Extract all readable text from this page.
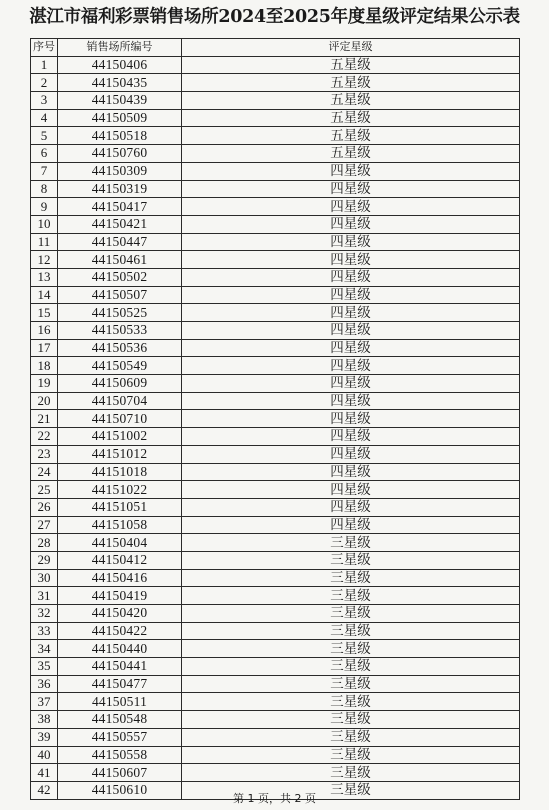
湛江市福利彩票销售场所2024至2025年度星级评定结果公示表
序号	销售场所编号	评定星级
1	44150406	五星级
2	44150435	五星级
3	44150439	五星级
4	44150509	五星级
5	44150518	五星级
6	44150760	五星级
7	44150309	四星级
8	44150319	四星级
9	44150417	四星级
10	44150421	四星级
11	44150447	四星级
12	44150461	四星级
13	44150502	四星级
14	44150507	四星级
15	44150525	四星级
16	44150533	四星级
17	44150536	四星级
18	44150549	四星级
19	44150609	四星级
20	44150704	四星级
21	44150710	四星级
22	44151002	四星级
23	44151012	四星级
24	44151018	四星级
25	44151022	四星级
26	44151051	四星级
27	44151058	四星级
28	44150404	三星级
29	44150412	三星级
30	44150416	三星级
31	44150419	三星级
32	44150420	三星级
33	44150422	三星级
34	44150440	三星级
35	44150441	三星级
36	44150477	三星级
37	44150511	三星级
38	44150548	三星级
39	44150557	三星级
40	44150558	三星级
41	44150607	三星级
42	44150610	三星级
第 1 页，共 2 页
